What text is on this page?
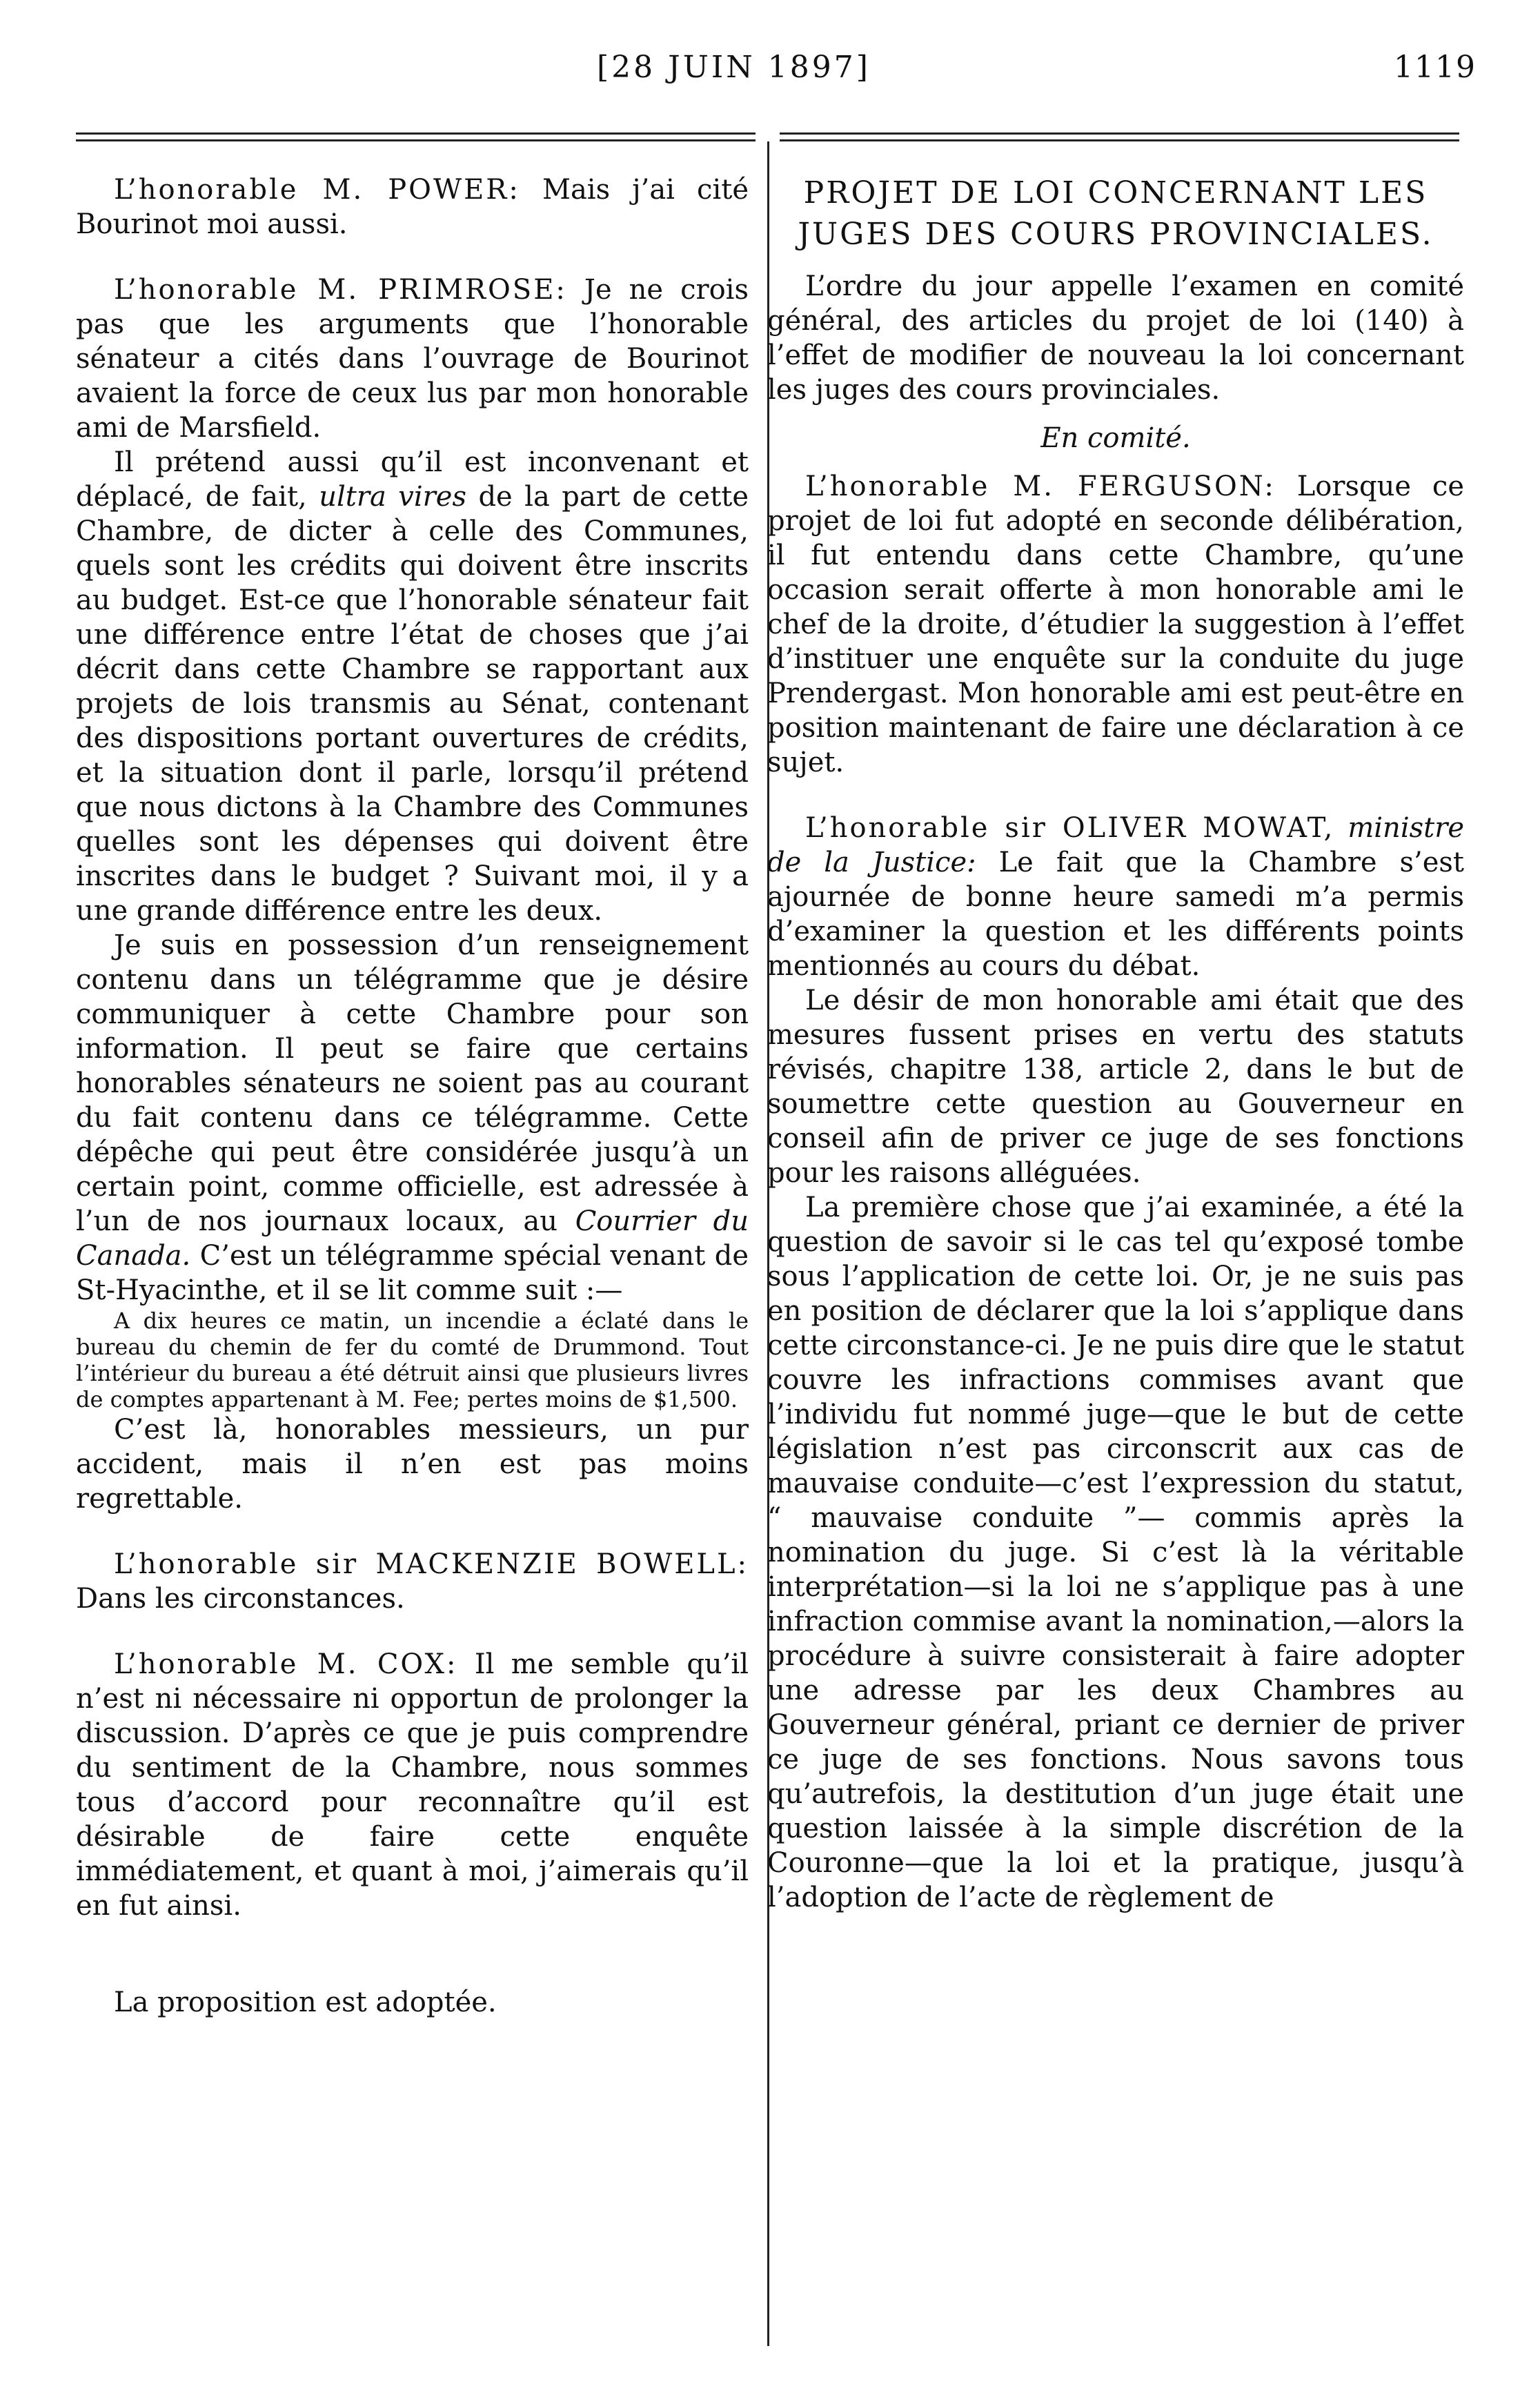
[28 JUIN 1897]	1119

L’honorable M. POWER: Mais j’ai cité Bourinot moi aussi.

L’honorable M. PRIMROSE: Je ne crois pas que les arguments que l’honorable sénateur a cités dans l’ouvrage de Bourinot avaient la force de ceux lus par mon honorable ami de Marsfield.

Il prétend aussi qu’il est inconvenant et déplacé, de fait, ultra vires de la part de cette Chambre, de dicter à celle des Communes, quels sont les crédits qui doivent être inscrits au budget. Est-ce que l’honorable sénateur fait une différence entre l’état de choses que j’ai décrit dans cette Chambre se rapportant aux projets de lois transmis au Sénat, contenant des dispositions portant ouvertures de crédits, et la situation dont il parle, lorsqu’il prétend que nous dictons à la Chambre des Communes quelles sont les dépenses qui doivent être inscrites dans le budget ? Suivant moi, il y a une grande différence entre les deux.

Je suis en possession d’un renseignement contenu dans un télégramme que je désire communiquer à cette Chambre pour son information. Il peut se faire que certains honorables sénateurs ne soient pas au courant du fait contenu dans ce télégramme. Cette dépêche qui peut être considérée jusqu’à un certain point, comme officielle, est adressée à l’un de nos journaux locaux, au Courrier du Canada. C’est un télégramme spécial venant de St-Hyacinthe, et il se lit comme suit :—

A dix heures ce matin, un incendie a éclaté dans le bureau du chemin de fer du comté de Drummond. Tout l’intérieur du bureau a été détruit ainsi que plusieurs livres de comptes appartenant à M. Fee; pertes moins de $1,500.

C’est là, honorables messieurs, un pur accident, mais il n’en est pas moins regrettable.

L’honorable sir MACKENZIE BOWELL: Dans les circonstances.

L’honorable M. COX: Il me semble qu’il n’est ni nécessaire ni opportun de prolonger la discussion. D’après ce que je puis comprendre du sentiment de la Chambre, nous sommes tous d’accord pour reconnaître qu’il est désirable de faire cette enquête immédiatement, et quant à moi, j’aimerais qu’il en fut ainsi.

La proposition est adoptée.

PROJET DE LOI CONCERNANT LES JUGES DES COURS PROVINCIALES.

L’ordre du jour appelle l’examen en comité général, des articles du projet de loi (140) à l’effet de modifier de nouveau la loi concernant les juges des cours provinciales.

En comité.

L’honorable M. FERGUSON: Lorsque ce projet de loi fut adopté en seconde délibération, il fut entendu dans cette Chambre, qu’une occasion serait offerte à mon honorable ami le chef de la droite, d’étudier la suggestion à l’effet d’instituer une enquête sur la conduite du juge Prendergast. Mon honorable ami est peut-être en position maintenant de faire une déclaration à ce sujet.

L’honorable sir OLIVER MOWAT, ministre de la Justice: Le fait que la Chambre s’est ajournée de bonne heure samedi m’a permis d’examiner la question et les différents points mentionnés au cours du débat.

Le désir de mon honorable ami était que des mesures fussent prises en vertu des statuts révisés, chapitre 138, article 2, dans le but de soumettre cette question au Gouverneur en conseil afin de priver ce juge de ses fonctions pour les raisons alléguées.

La première chose que j’ai examinée, a été la question de savoir si le cas tel qu’exposé tombe sous l’application de cette loi. Or, je ne suis pas en position de déclarer que la loi s’applique dans cette circonstance-ci. Je ne puis dire que le statut couvre les infractions commises avant que l’individu fut nommé juge—que le but de cette législation n’est pas circonscrit aux cas de mauvaise conduite—c’est l’expression du statut, “ mauvaise conduite ”— commis après la nomination du juge. Si c’est là la véritable interprétation—si la loi ne s’applique pas à une infraction commise avant la nomination,—alors la procédure à suivre consisterait à faire adopter une adresse par les deux Chambres au Gouverneur général, priant ce dernier de priver ce juge de ses fonctions. Nous savons tous qu’autrefois, la destitution d’un juge était une question laissée à la simple discrétion de la Couronne—que la loi et la pratique, jusqu’à l’adoption de l’acte de règlement de
